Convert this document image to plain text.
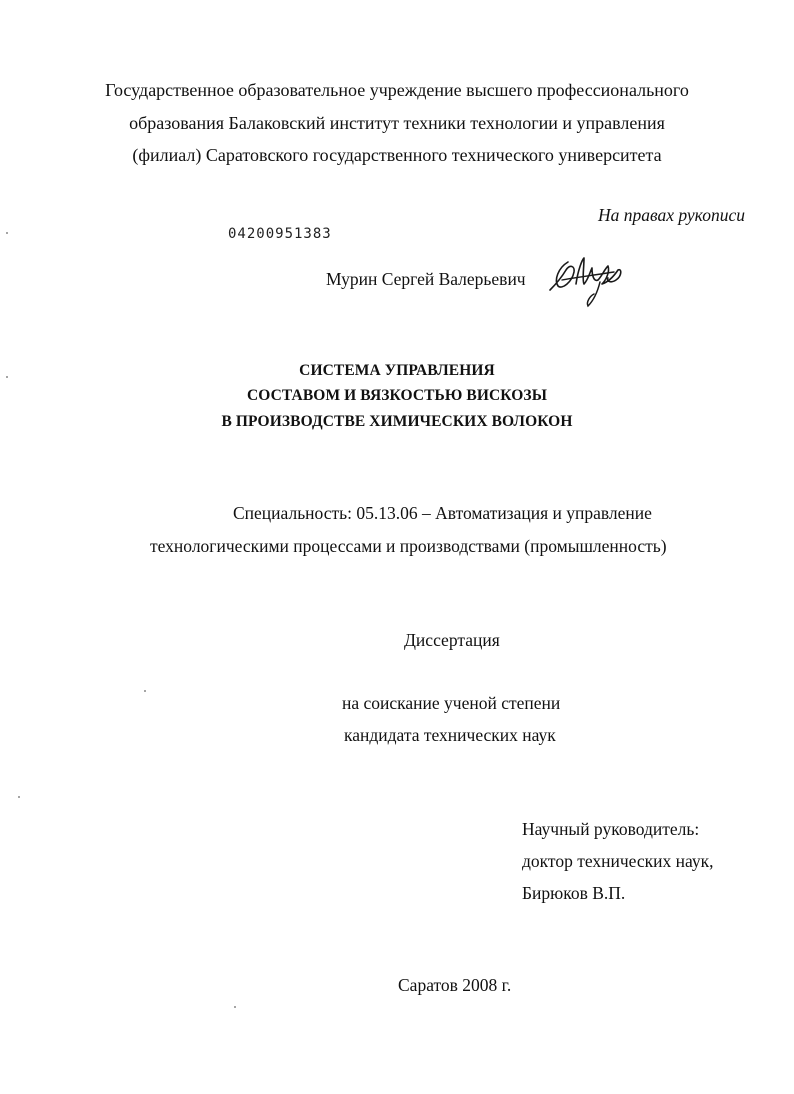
Государственное образовательное учреждение высшего профессионального
образования Балаковский институт техники технологии и управления
(филиал) Саратовского государственного технического университета
На правах рукописи
04200951383
Мурин Сергей Валерьевич
СИСТЕМА УПРАВЛЕНИЯ
СОСТАВОМ И ВЯЗКОСТЬЮ ВИСКОЗЫ
В ПРОИЗВОДСТВЕ ХИМИЧЕСКИХ ВОЛОКОН
Специальность: 05.13.06 – Автоматизация и управление
технологическими процессами и производствами (промышленность)
Диссертация
на соискание ученой степени
кандидата технических наук
Научный руководитель:
доктор технических наук,
Бирюков В.П.
Саратов 2008 г.
